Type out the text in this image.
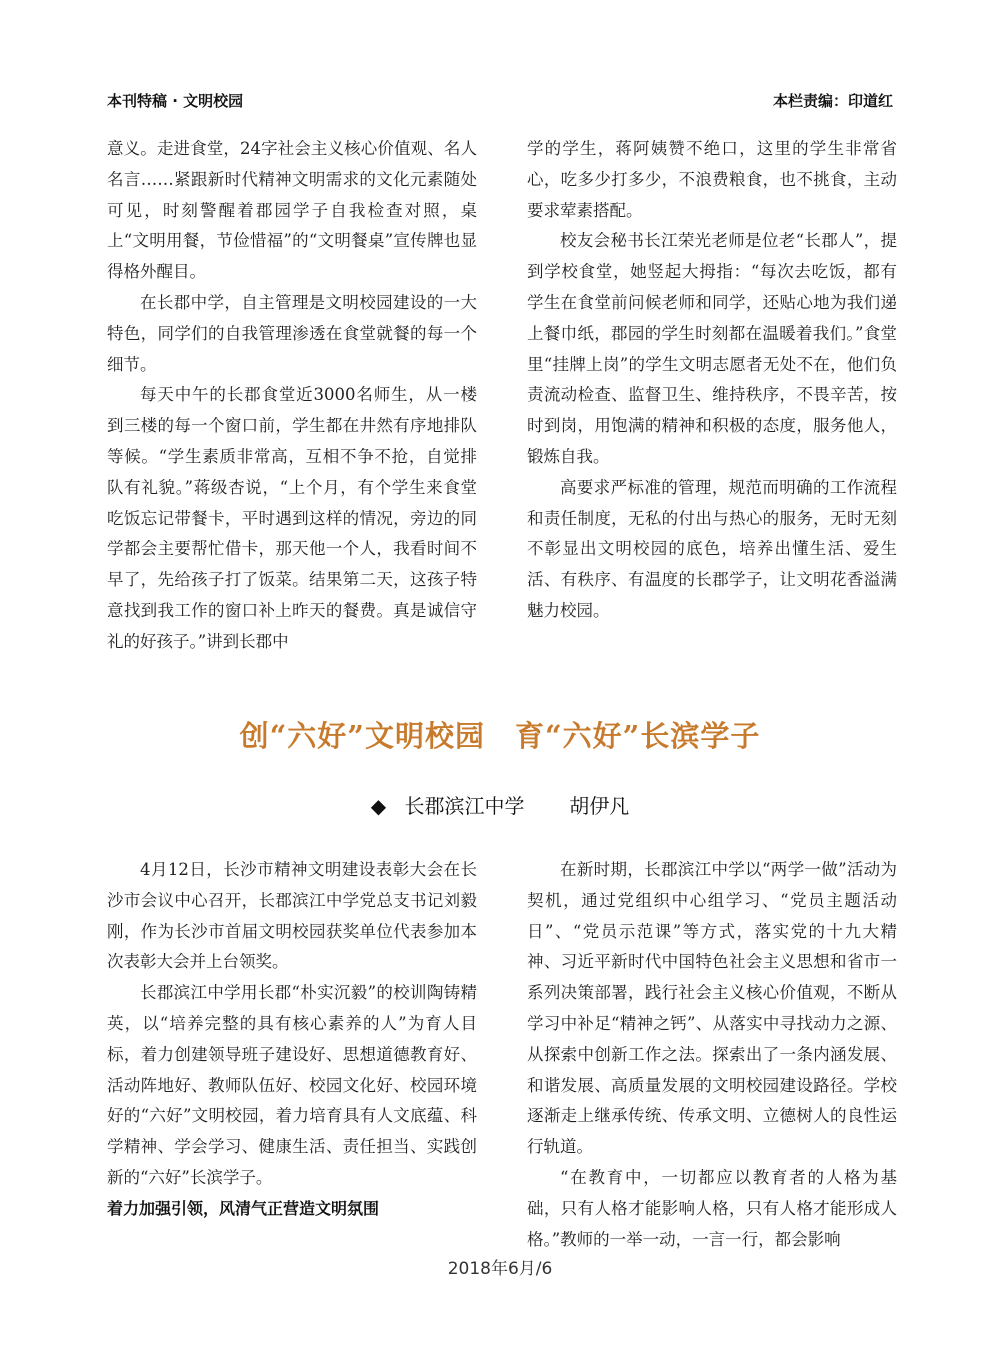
本刊特稿 · 文明校园	本栏责编：印道红

意义。走进食堂，24字社会主义核心价值观、名人名言……紧跟新时代精神文明需求的文化元素随处可见，时刻警醒着郡园学子自我检查对照，桌上“文明用餐，节俭惜福”的“文明餐桌”宣传牌也显得格外醒目。

在长郡中学，自主管理是文明校园建设的一大特色，同学们的自我管理渗透在食堂就餐的每一个细节。

每天中午的长郡食堂近3000名师生，从一楼到三楼的每一个窗口前，学生都在井然有序地排队等候。“学生素质非常高，互相不争不抢，自觉排队有礼貌。”蒋级杏说，“上个月，有个学生来食堂吃饭忘记带餐卡，平时遇到这样的情况，旁边的同学都会主要帮忙借卡，那天他一个人，我看时间不早了，先给孩子打了饭菜。结果第二天，这孩子特意找到我工作的窗口补上昨天的餐费。真是诚信守礼的好孩子。”讲到长郡中

学的学生，蒋阿姨赞不绝口，这里的学生非常省心，吃多少打多少，不浪费粮食，也不挑食，主动要求荤素搭配。

校友会秘书长江荣光老师是位老“长郡人”，提到学校食堂，她竖起大拇指：“每次去吃饭，都有学生在食堂前问候老师和同学，还贴心地为我们递上餐巾纸，郡园的学生时刻都在温暖着我们。”食堂里“挂牌上岗”的学生文明志愿者无处不在，他们负责流动检查、监督卫生、维持秩序，不畏辛苦，按时到岗，用饱满的精神和积极的态度，服务他人，锻炼自我。

高要求严标准的管理，规范而明确的工作流程和责任制度，无私的付出与热心的服务，无时无刻不彰显出文明校园的底色，培养出懂生活、爱生活、有秩序、有温度的长郡学子，让文明花香溢满魅力校园。

创“六好”文明校园　育“六好”长滨学子
◆ 长郡滨江中学 胡伊凡

4月12日，长沙市精神文明建设表彰大会在长沙市会议中心召开，长郡滨江中学党总支书记刘毅刚，作为长沙市首届文明校园获奖单位代表参加本次表彰大会并上台领奖。

长郡滨江中学用长郡“朴实沉毅”的校训陶铸精英，以“培养完整的具有核心素养的人”为育人目标，着力创建领导班子建设好、思想道德教育好、活动阵地好、教师队伍好、校园文化好、校园环境好的“六好”文明校园，着力培育具有人文底蕴、科学精神、学会学习、健康生活、责任担当、实践创新的“六好”长滨学子。

着力加强引领，风清气正营造文明氛围

在新时期，长郡滨江中学以“两学一做”活动为契机，通过党组织中心组学习、“党员主题活动日”、“党员示范课”等方式，落实党的十九大精神、习近平新时代中国特色社会主义思想和省市一系列决策部署，践行社会主义核心价值观，不断从学习中补足“精神之钙”、从落实中寻找动力之源、从探索中创新工作之法。探索出了一条内涵发展、和谐发展、高质量发展的文明校园建设路径。学校逐渐走上继承传统、传承文明、立德树人的良性运行轨道。

“在教育中，一切都应以教育者的人格为基础，只有人格才能影响人格，只有人格才能形成人格。”教师的一举一动，一言一行，都会影响

2018年6月/6
